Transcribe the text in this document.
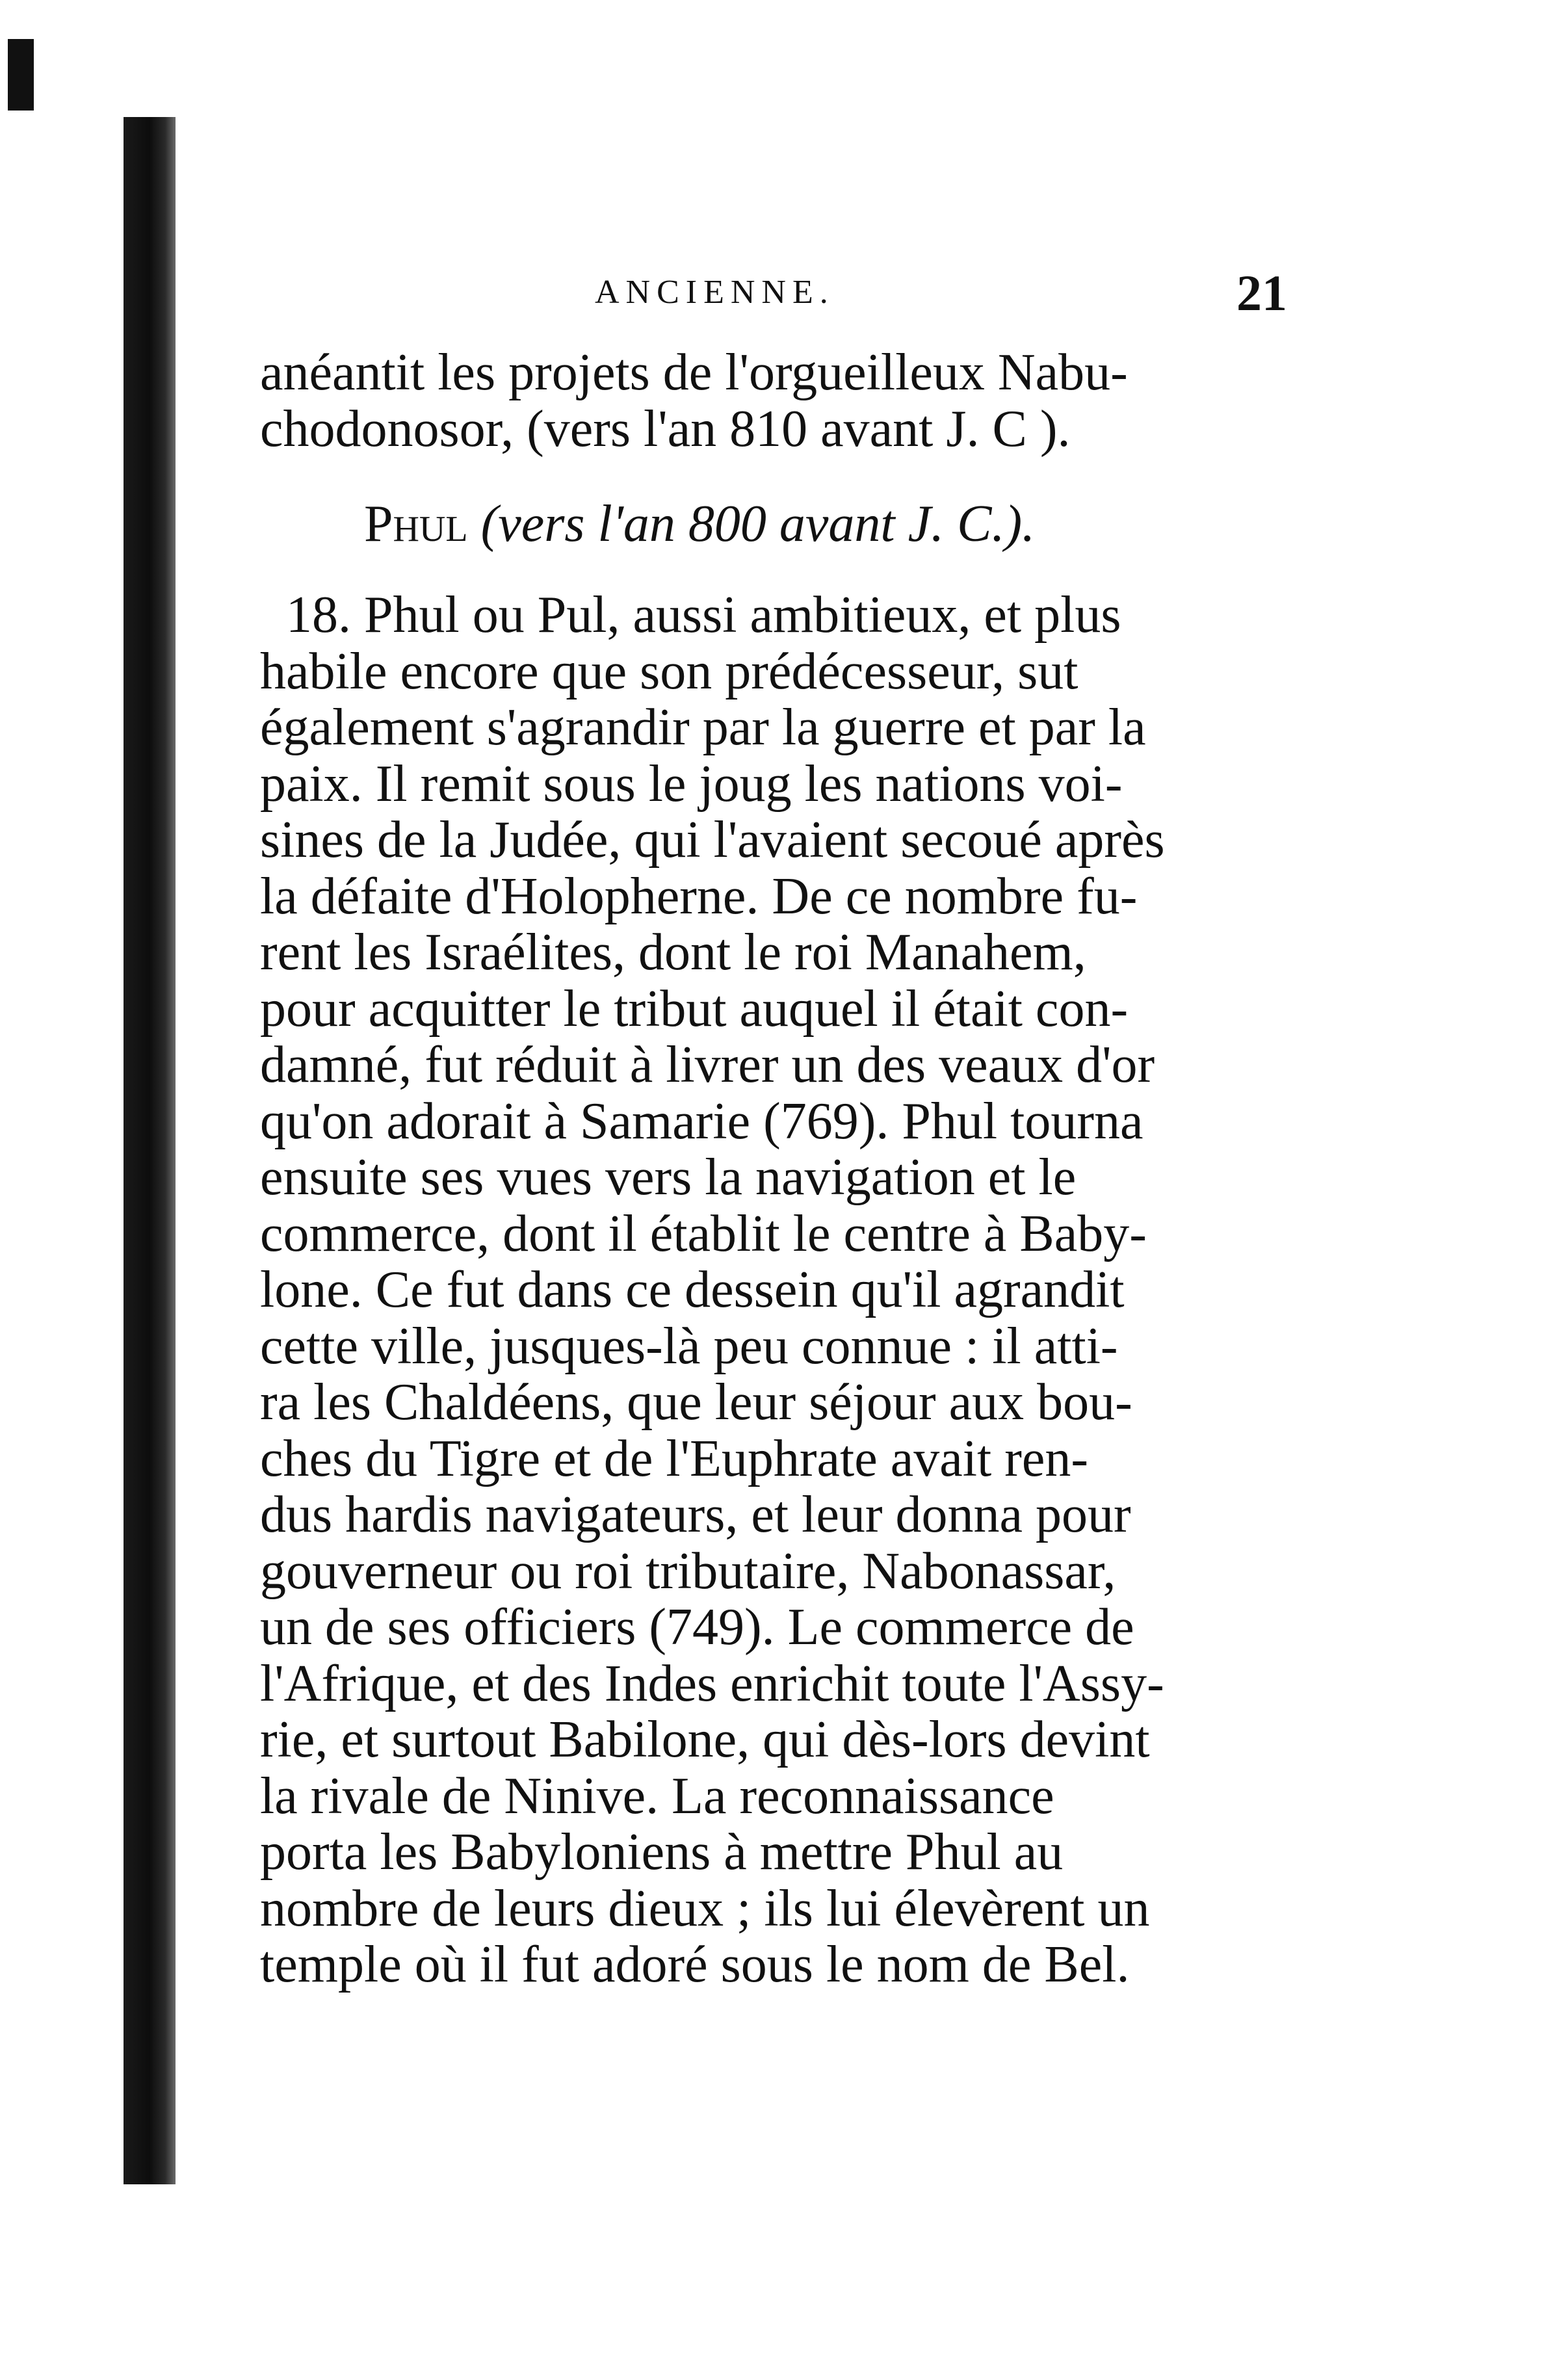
ANCIENNE.	21
anéantit les projets de l'orgueilleux Nabu-
chodonosor, (vers l'an 810 avant J. C ).
Phul (vers l'an 800 avant J. C.).
18. Phul ou Pul, aussi ambitieux, et plus
habile encore que son prédécesseur, sut
également s'agrandir par la guerre et par la
paix. Il remit sous le joug les nations voi-
sines de la Judée, qui l'avaient secoué après
la défaite d'Holopherne. De ce nombre fu-
rent les Israélites, dont le roi Manahem,
pour acquitter le tribut auquel il était con-
damné, fut réduit à livrer un des veaux d'or
qu'on adorait à Samarie (769). Phul tourna
ensuite ses vues vers la navigation et le
commerce, dont il établit le centre à Baby-
lone. Ce fut dans ce dessein qu'il agrandit
cette ville, jusques-là peu connue : il atti-
ra les Chaldéens, que leur séjour aux bou-
ches du Tigre et de l'Euphrate avait ren-
dus hardis navigateurs, et leur donna pour
gouverneur ou roi tributaire, Nabonassar,
un de ses officiers (749). Le commerce de
l'Afrique, et des Indes enrichit toute l'Assy-
rie, et surtout Babilone, qui dès-lors devint
la rivale de Ninive. La reconnaissance
porta les Babyloniens à mettre Phul au
nombre de leurs dieux ; ils lui élevèrent un
temple où il fut adoré sous le nom de Bel.
